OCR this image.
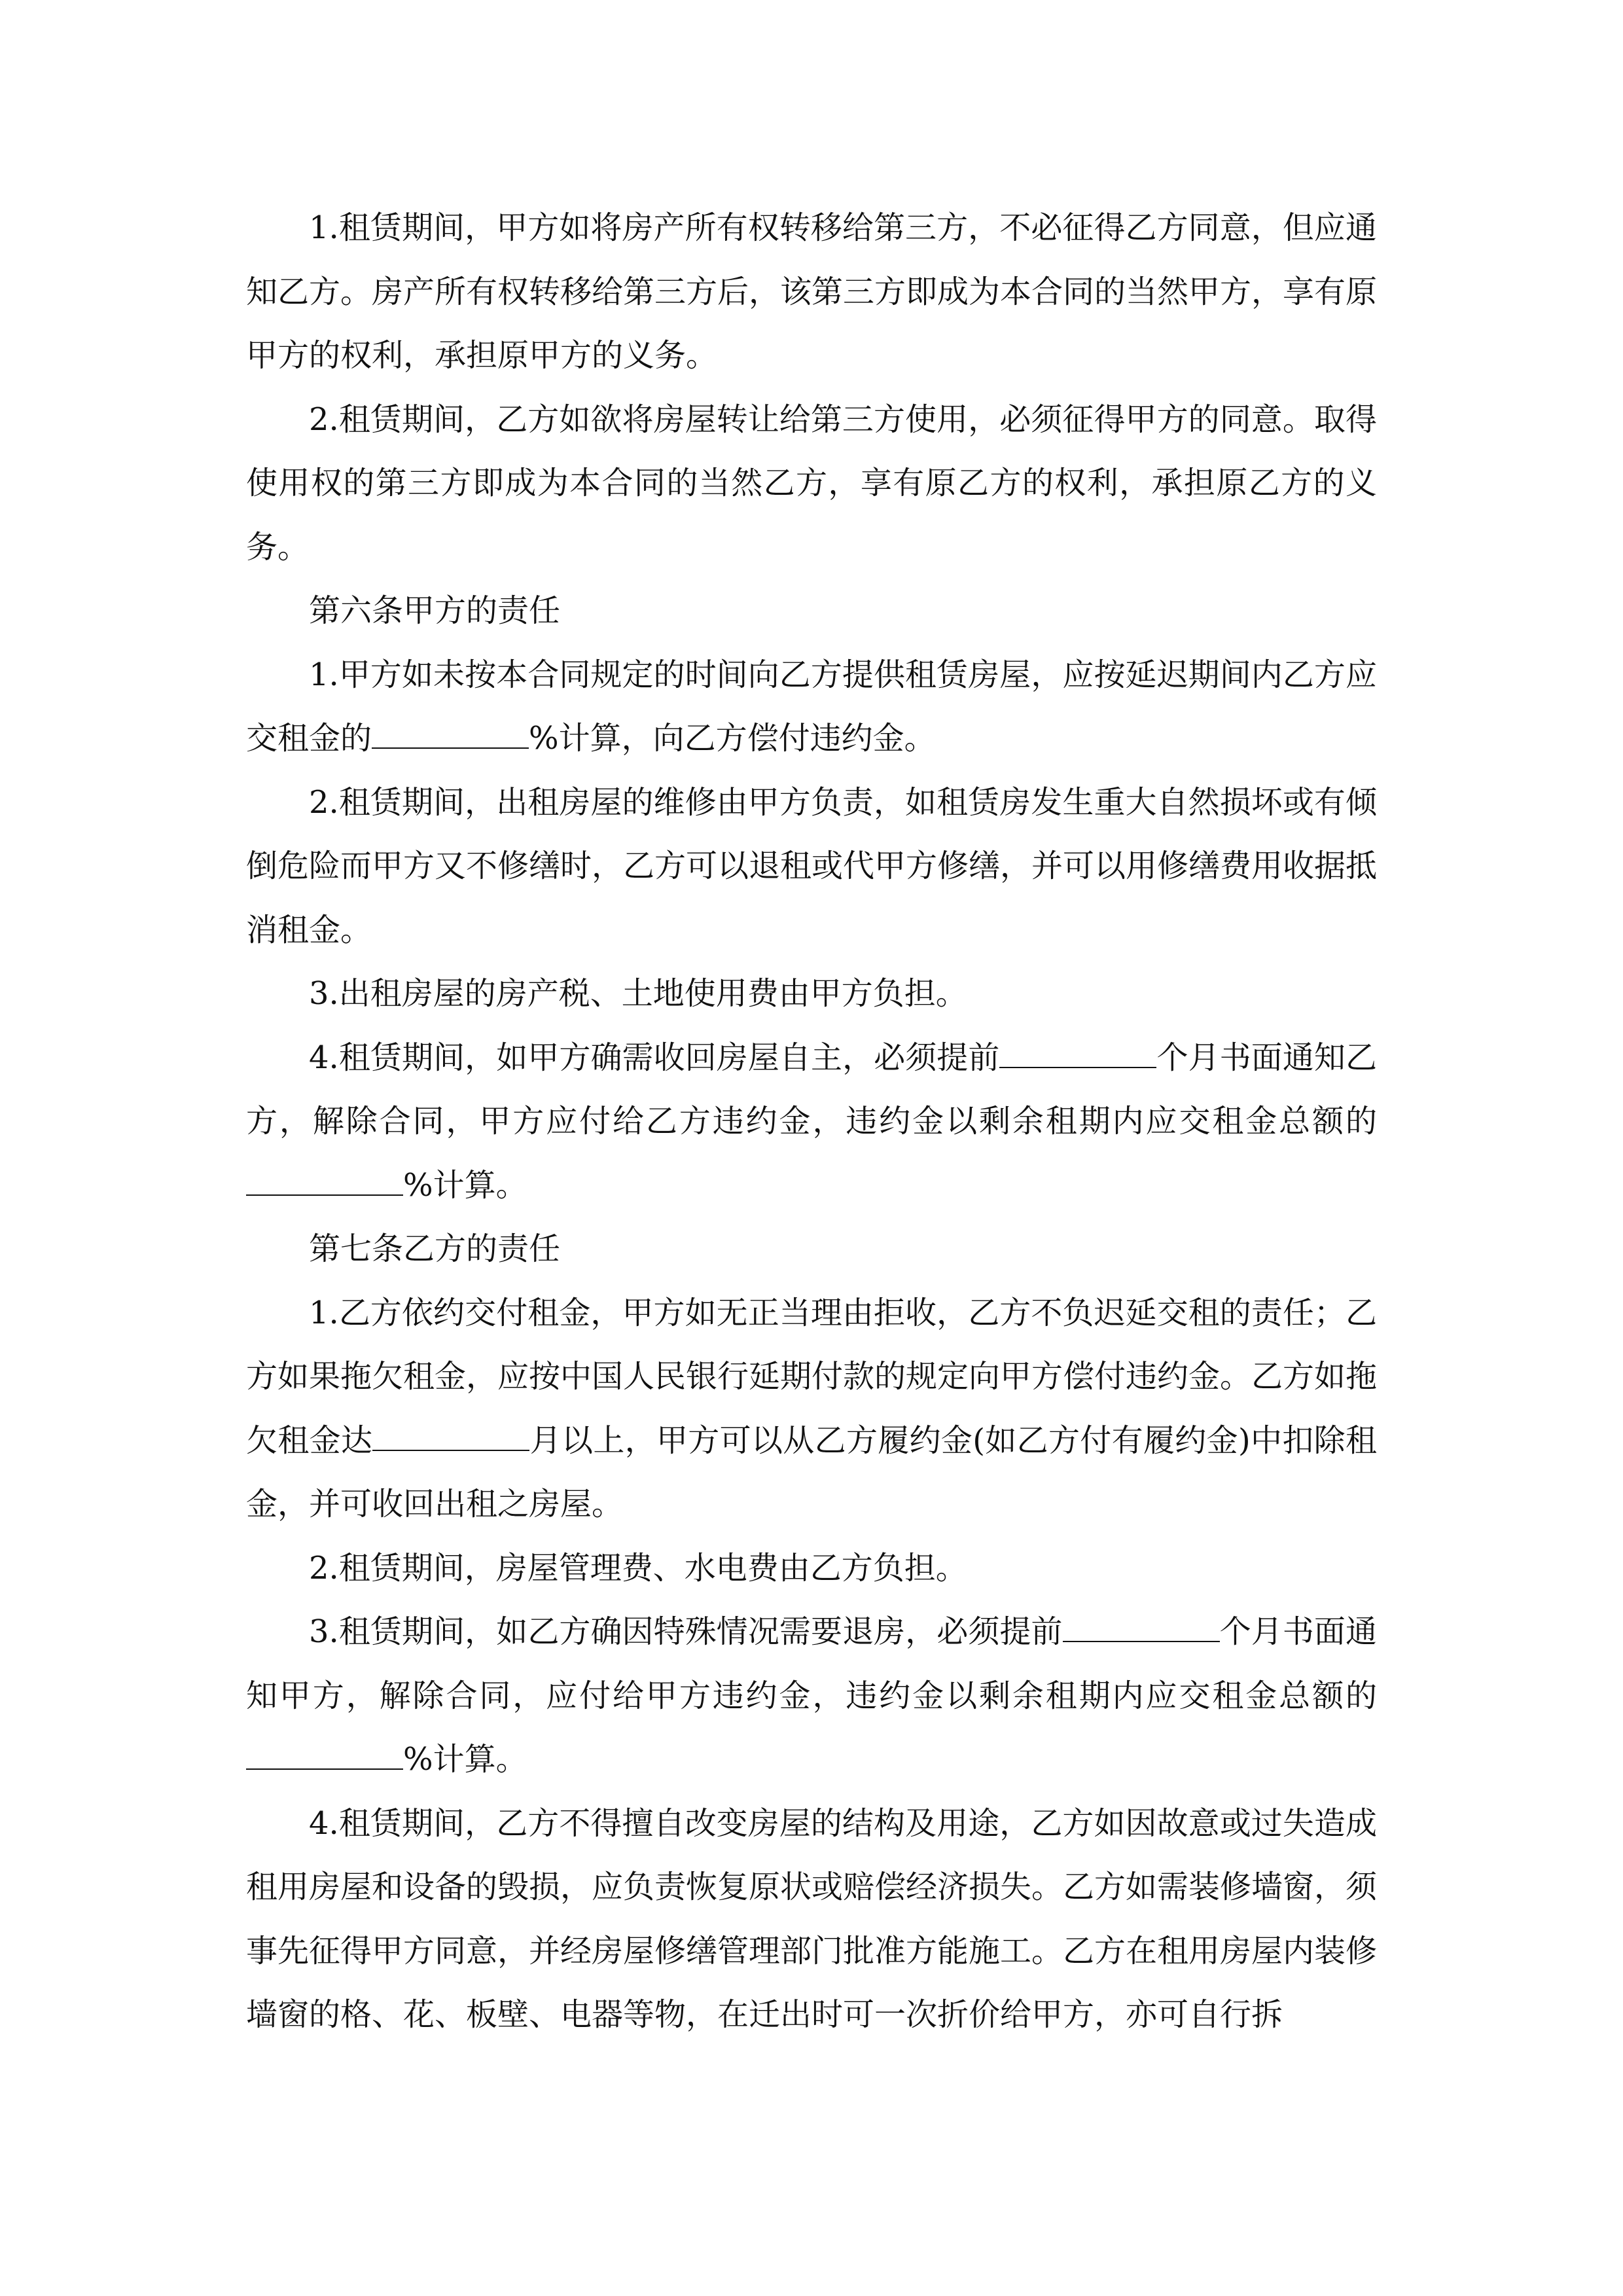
1.租赁期间，甲方如将房产所有权转移给第三方，不必征得乙方同意，但应通知乙方。房产所有权转移给第三方后，该第三方即成为本合同的当然甲方，享有原甲方的权利，承担原甲方的义务。

2.租赁期间，乙方如欲将房屋转让给第三方使用，必须征得甲方的同意。取得使用权的第三方即成为本合同的当然乙方，享有原乙方的权利，承担原乙方的义务。

第六条甲方的责任

1.甲方如未按本合同规定的时间向乙方提供租赁房屋，应按延迟期间内乙方应交租金的	%计算，向乙方偿付违约金。

2.租赁期间，出租房屋的维修由甲方负责，如租赁房发生重大自然损坏或有倾倒危险而甲方又不修缮时，乙方可以退租或代甲方修缮，并可以用修缮费用收据抵消租金。

3.出租房屋的房产税、土地使用费由甲方负担。

4.租赁期间，如甲方确需收回房屋自主，必须提前	个月书面通知乙方，解除合同，甲方应付给乙方违约金，违约金以剩余租期内应交租金总额的%计算。

第七条乙方的责任

1.乙方依约交付租金，甲方如无正当理由拒收，乙方不负迟延交租的责任；乙方如果拖欠租金，应按中国人民银行延期付款的规定向甲方偿付违约金。乙方如拖欠租金达	月以上，甲方可以从乙方履约金(如乙方付有履约金)中扣除租金，并可收回出租之房屋。

2.租赁期间，房屋管理费、水电费由乙方负担。

3.租赁期间，如乙方确因特殊情况需要退房，必须提前	个月书面通知甲方，解除合同，应付给甲方违约金，违约金以剩余租期内应交租金总额的%计算。

4.租赁期间，乙方不得擅自改变房屋的结构及用途，乙方如因故意或过失造成租用房屋和设备的毁损，应负责恢复原状或赔偿经济损失。乙方如需装修墙窗，须事先征得甲方同意，并经房屋修缮管理部门批准方能施工。乙方在租用房屋内装修墙窗的格、花、板壁、电器等物，在迁出时可一次折价给甲方，亦可自行拆
